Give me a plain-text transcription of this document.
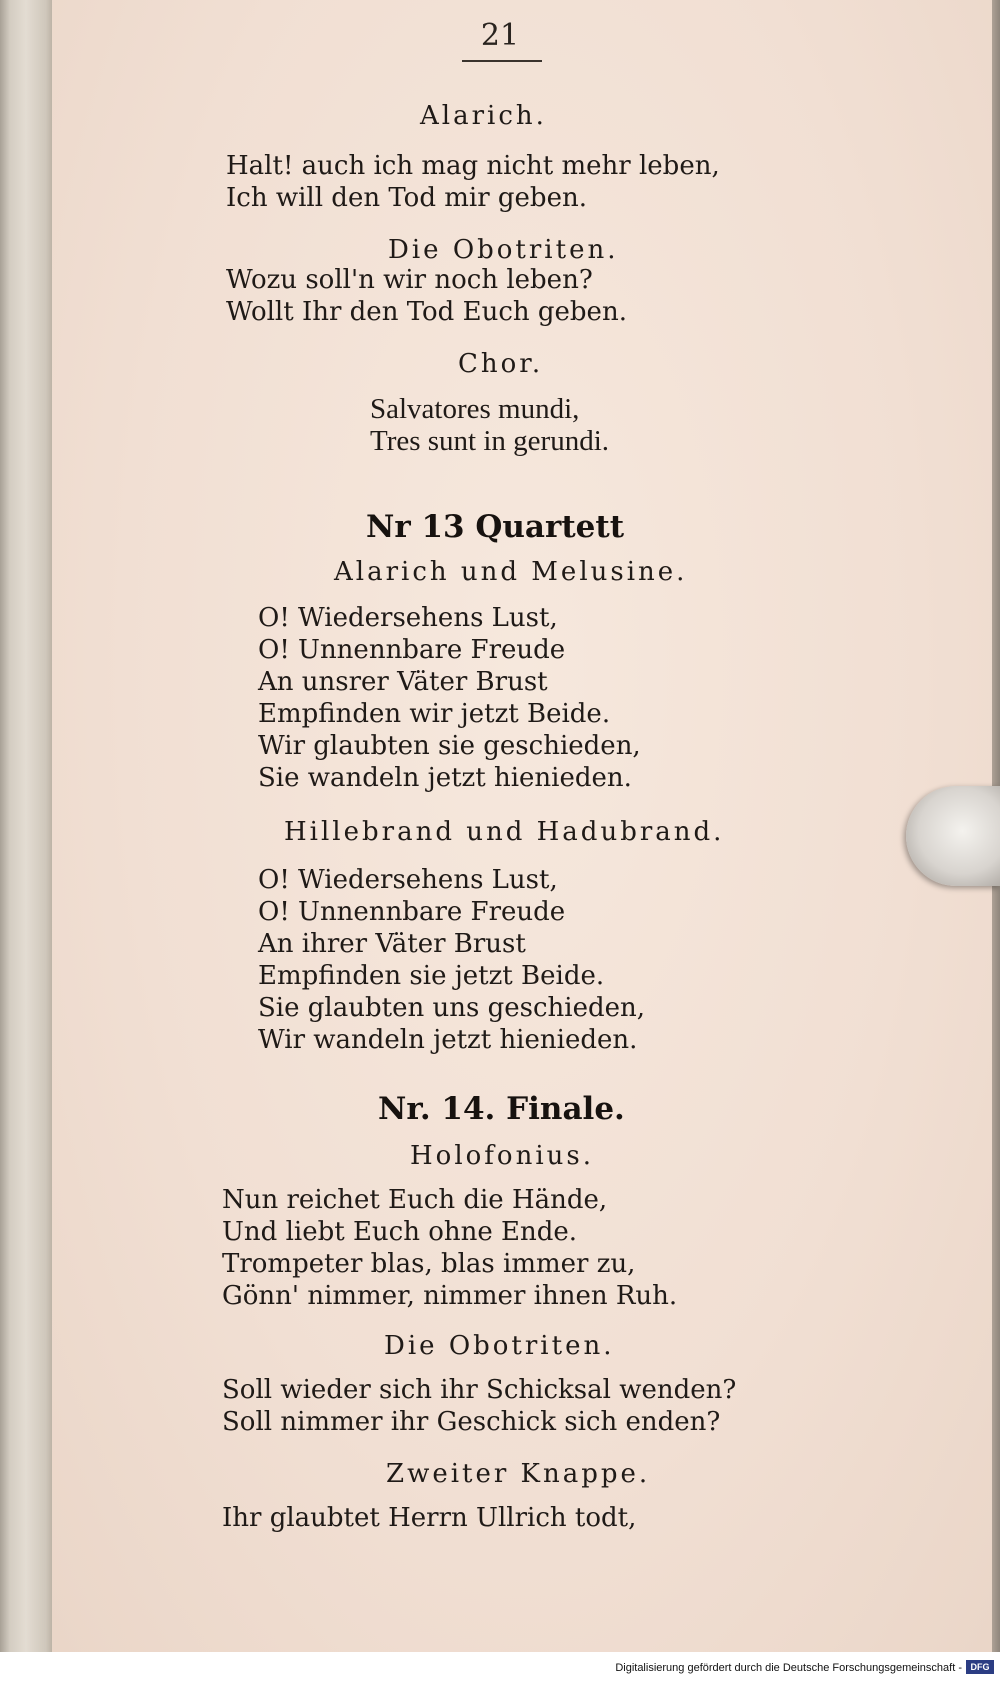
21
Alarich.
Halt! auch ich mag nicht mehr leben,
Ich will den Tod mir geben.
Die Obotriten.
Wozu soll'n wir noch leben?
Wollt Ihr den Tod Euch geben.
Chor.
Salvatores mundi,
Tres sunt in gerundi.
Nr 13 Quartett
Alarich und Melusine.
O! Wiedersehens Lust,
O! Unnennbare Freude
An unsrer Väter Brust
Empfinden wir jetzt Beide.
Wir glaubten sie geschieden,
Sie wandeln jetzt hienieden.
Hillebrand und Hadubrand.
O! Wiedersehens Lust,
O! Unnennbare Freude
An ihrer Väter Brust
Empfinden sie jetzt Beide.
Sie glaubten uns geschieden,
Wir wandeln jetzt hienieden.
Nr. 14. Finale.
Holofonius.
Nun reichet Euch die Hände,
Und liebt Euch ohne Ende.
Trompeter blas, blas immer zu,
Gönn' nimmer, nimmer ihnen Ruh.
Die Obotriten.
Soll wieder sich ihr Schicksal wenden?
Soll nimmer ihr Geschick sich enden?
Zweiter Knappe.
Ihr glaubtet Herrn Ullrich todt,
Digitalisierung gefördert durch die Deutsche Forschungsgemeinschaft - DFG
